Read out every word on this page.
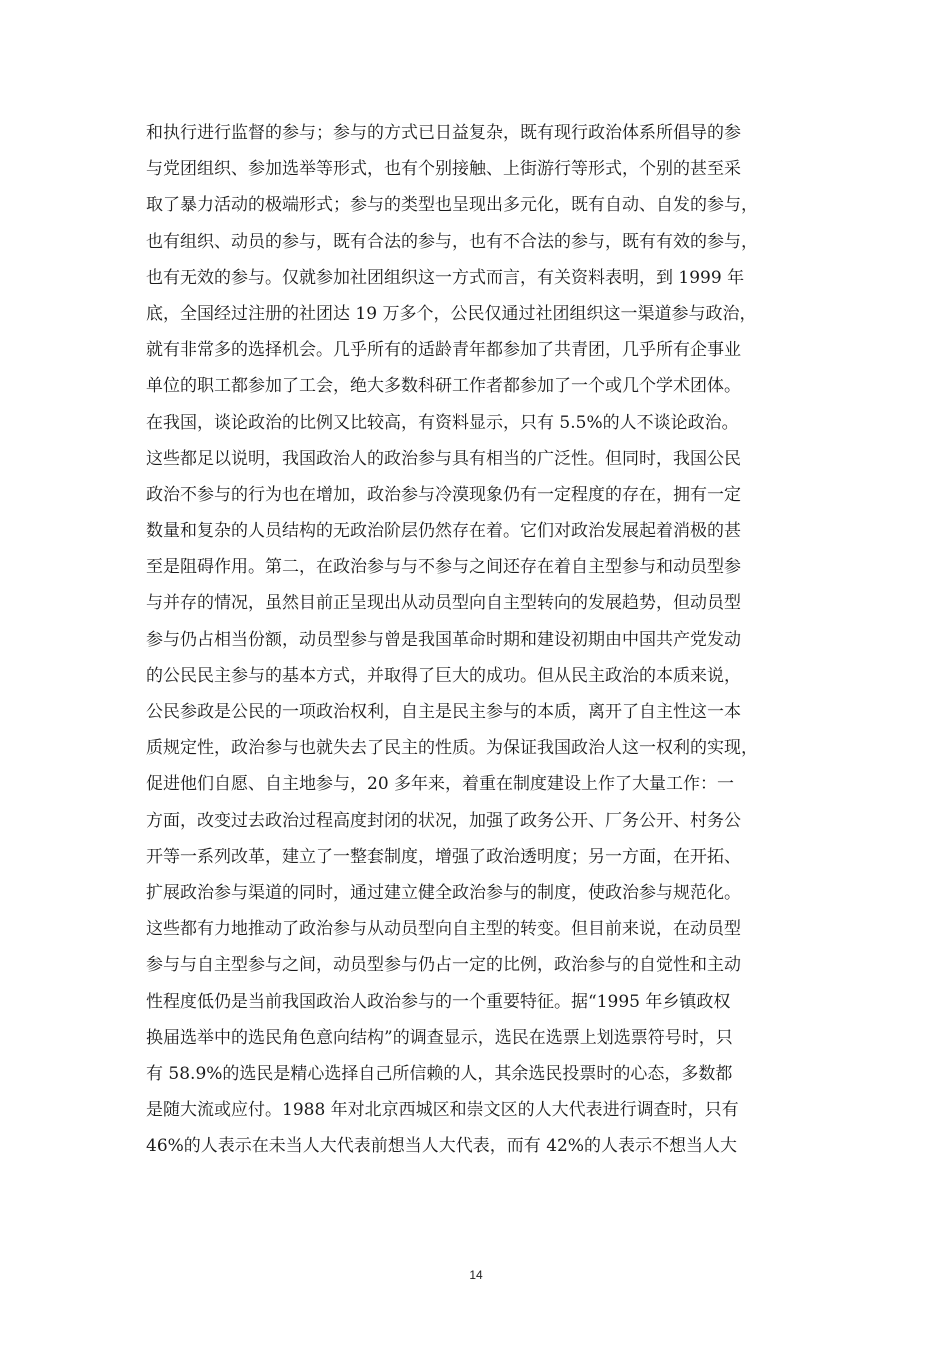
和执行进行监督的参与；参与的方式已日益复杂，既有现行政治体系所倡导的参
与党团组织、参加选举等形式，也有个别接触、上街游行等形式，个别的甚至采
取了暴力活动的极端形式；参与的类型也呈现出多元化，既有自动、自发的参与，
也有组织、动员的参与，既有合法的参与，也有不合法的参与，既有有效的参与，
也有无效的参与。仅就参加社团组织这一方式而言，有关资料表明，到 1999 年
底，全国经过注册的社团达 19 万多个，公民仅通过社团组织这一渠道参与政治，
就有非常多的选择机会。几乎所有的适龄青年都参加了共青团，几乎所有企事业
单位的职工都参加了工会，绝大多数科研工作者都参加了一个或几个学术团体。
在我国，谈论政治的比例又比较高，有资料显示，只有 5.5%的人不谈论政治。
这些都足以说明，我国政治人的政治参与具有相当的广泛性。但同时，我国公民
政治不参与的行为也在增加，政治参与冷漠现象仍有一定程度的存在，拥有一定
数量和复杂的人员结构的无政治阶层仍然存在着。它们对政治发展起着消极的甚
至是阻碍作用。第二，在政治参与与不参与之间还存在着自主型参与和动员型参
与并存的情况，虽然目前正呈现出从动员型向自主型转向的发展趋势，但动员型
参与仍占相当份额，动员型参与曾是我国革命时期和建设初期由中国共产党发动
的公民民主参与的基本方式，并取得了巨大的成功。但从民主政治的本质来说，
公民参政是公民的一项政治权利，自主是民主参与的本质，离开了自主性这一本
质规定性，政治参与也就失去了民主的性质。为保证我国政治人这一权利的实现，
促进他们自愿、自主地参与，20 多年来，着重在制度建设上作了大量工作：一
方面，改变过去政治过程高度封闭的状况，加强了政务公开、厂务公开、村务公
开等一系列改革，建立了一整套制度，增强了政治透明度；另一方面，在开拓、
扩展政治参与渠道的同时，通过建立健全政治参与的制度，使政治参与规范化。
这些都有力地推动了政治参与从动员型向自主型的转变。但目前来说，在动员型
参与与自主型参与之间，动员型参与仍占一定的比例，政治参与的自觉性和主动
性程度低仍是当前我国政治人政治参与的一个重要特征。据“1995 年乡镇政权
换届选举中的选民角色意向结构”的调查显示，选民在选票上划选票符号时，只
有 58.9%的选民是精心选择自己所信赖的人，其余选民投票时的心态，多数都
是随大流或应付。1988 年对北京西城区和崇文区的人大代表进行调查时，只有
46%的人表示在未当人大代表前想当人大代表，而有 42%的人表示不想当人大
14
